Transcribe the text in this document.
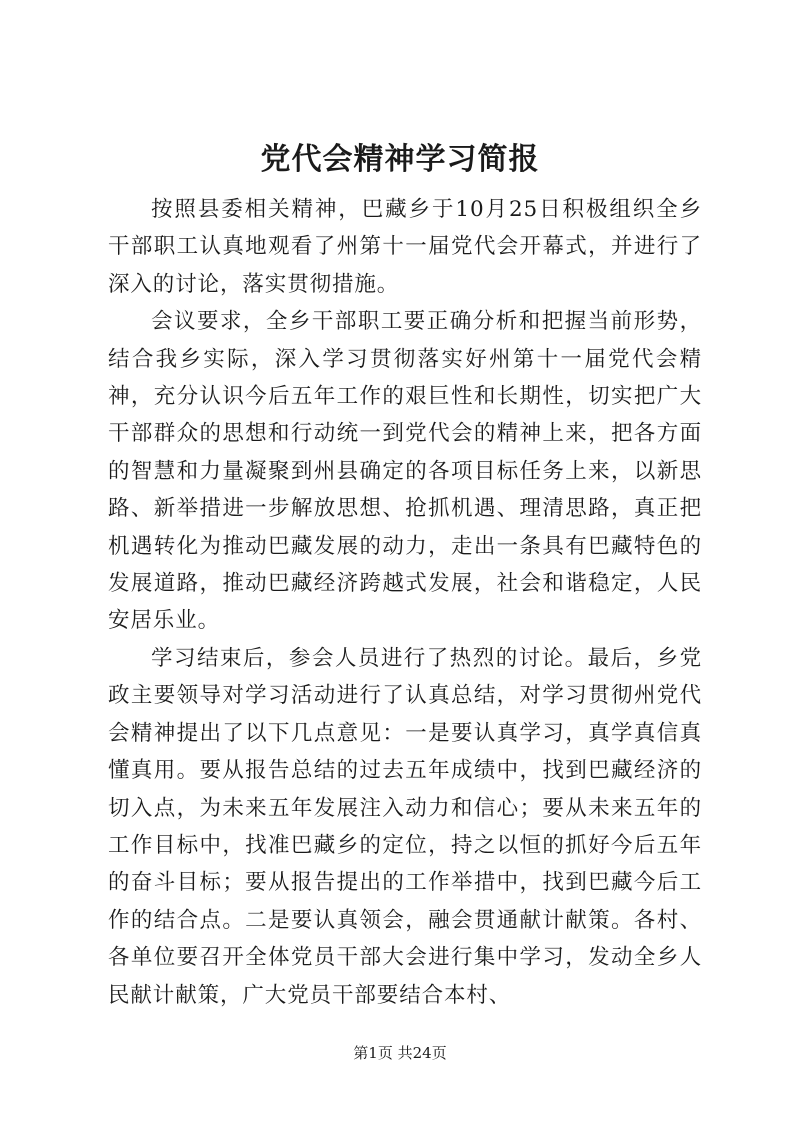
党代会精神学习简报

按照县委相关精神，巴藏乡于10月25日积极组织全乡干部职工认真地观看了州第十一届党代会开幕式，并进行了深入的讨论，落实贯彻措施。

会议要求，全乡干部职工要正确分析和把握当前形势，结合我乡实际，深入学习贯彻落实好州第十一届党代会精神，充分认识今后五年工作的艰巨性和长期性，切实把广大干部群众的思想和行动统一到党代会的精神上来，把各方面的智慧和力量凝聚到州县确定的各项目标任务上来，以新思路、新举措进一步解放思想、抢抓机遇、理清思路，真正把机遇转化为推动巴藏发展的动力，走出一条具有巴藏特色的发展道路，推动巴藏经济跨越式发展，社会和谐稳定，人民安居乐业。

学习结束后，参会人员进行了热烈的讨论。最后，乡党政主要领导对学习活动进行了认真总结，对学习贯彻州党代会精神提出了以下几点意见：一是要认真学习，真学真信真懂真用。要从报告总结的过去五年成绩中，找到巴藏经济的切入点，为未来五年发展注入动力和信心；要从未来五年的工作目标中，找准巴藏乡的定位，持之以恒的抓好今后五年的奋斗目标；要从报告提出的工作举措中，找到巴藏今后工作的结合点。二是要认真领会，融会贯通献计献策。各村、各单位要召开全体党员干部大会进行集中学习，发动全乡人民献计献策，广大党员干部要结合本村、

第1页 共24页
